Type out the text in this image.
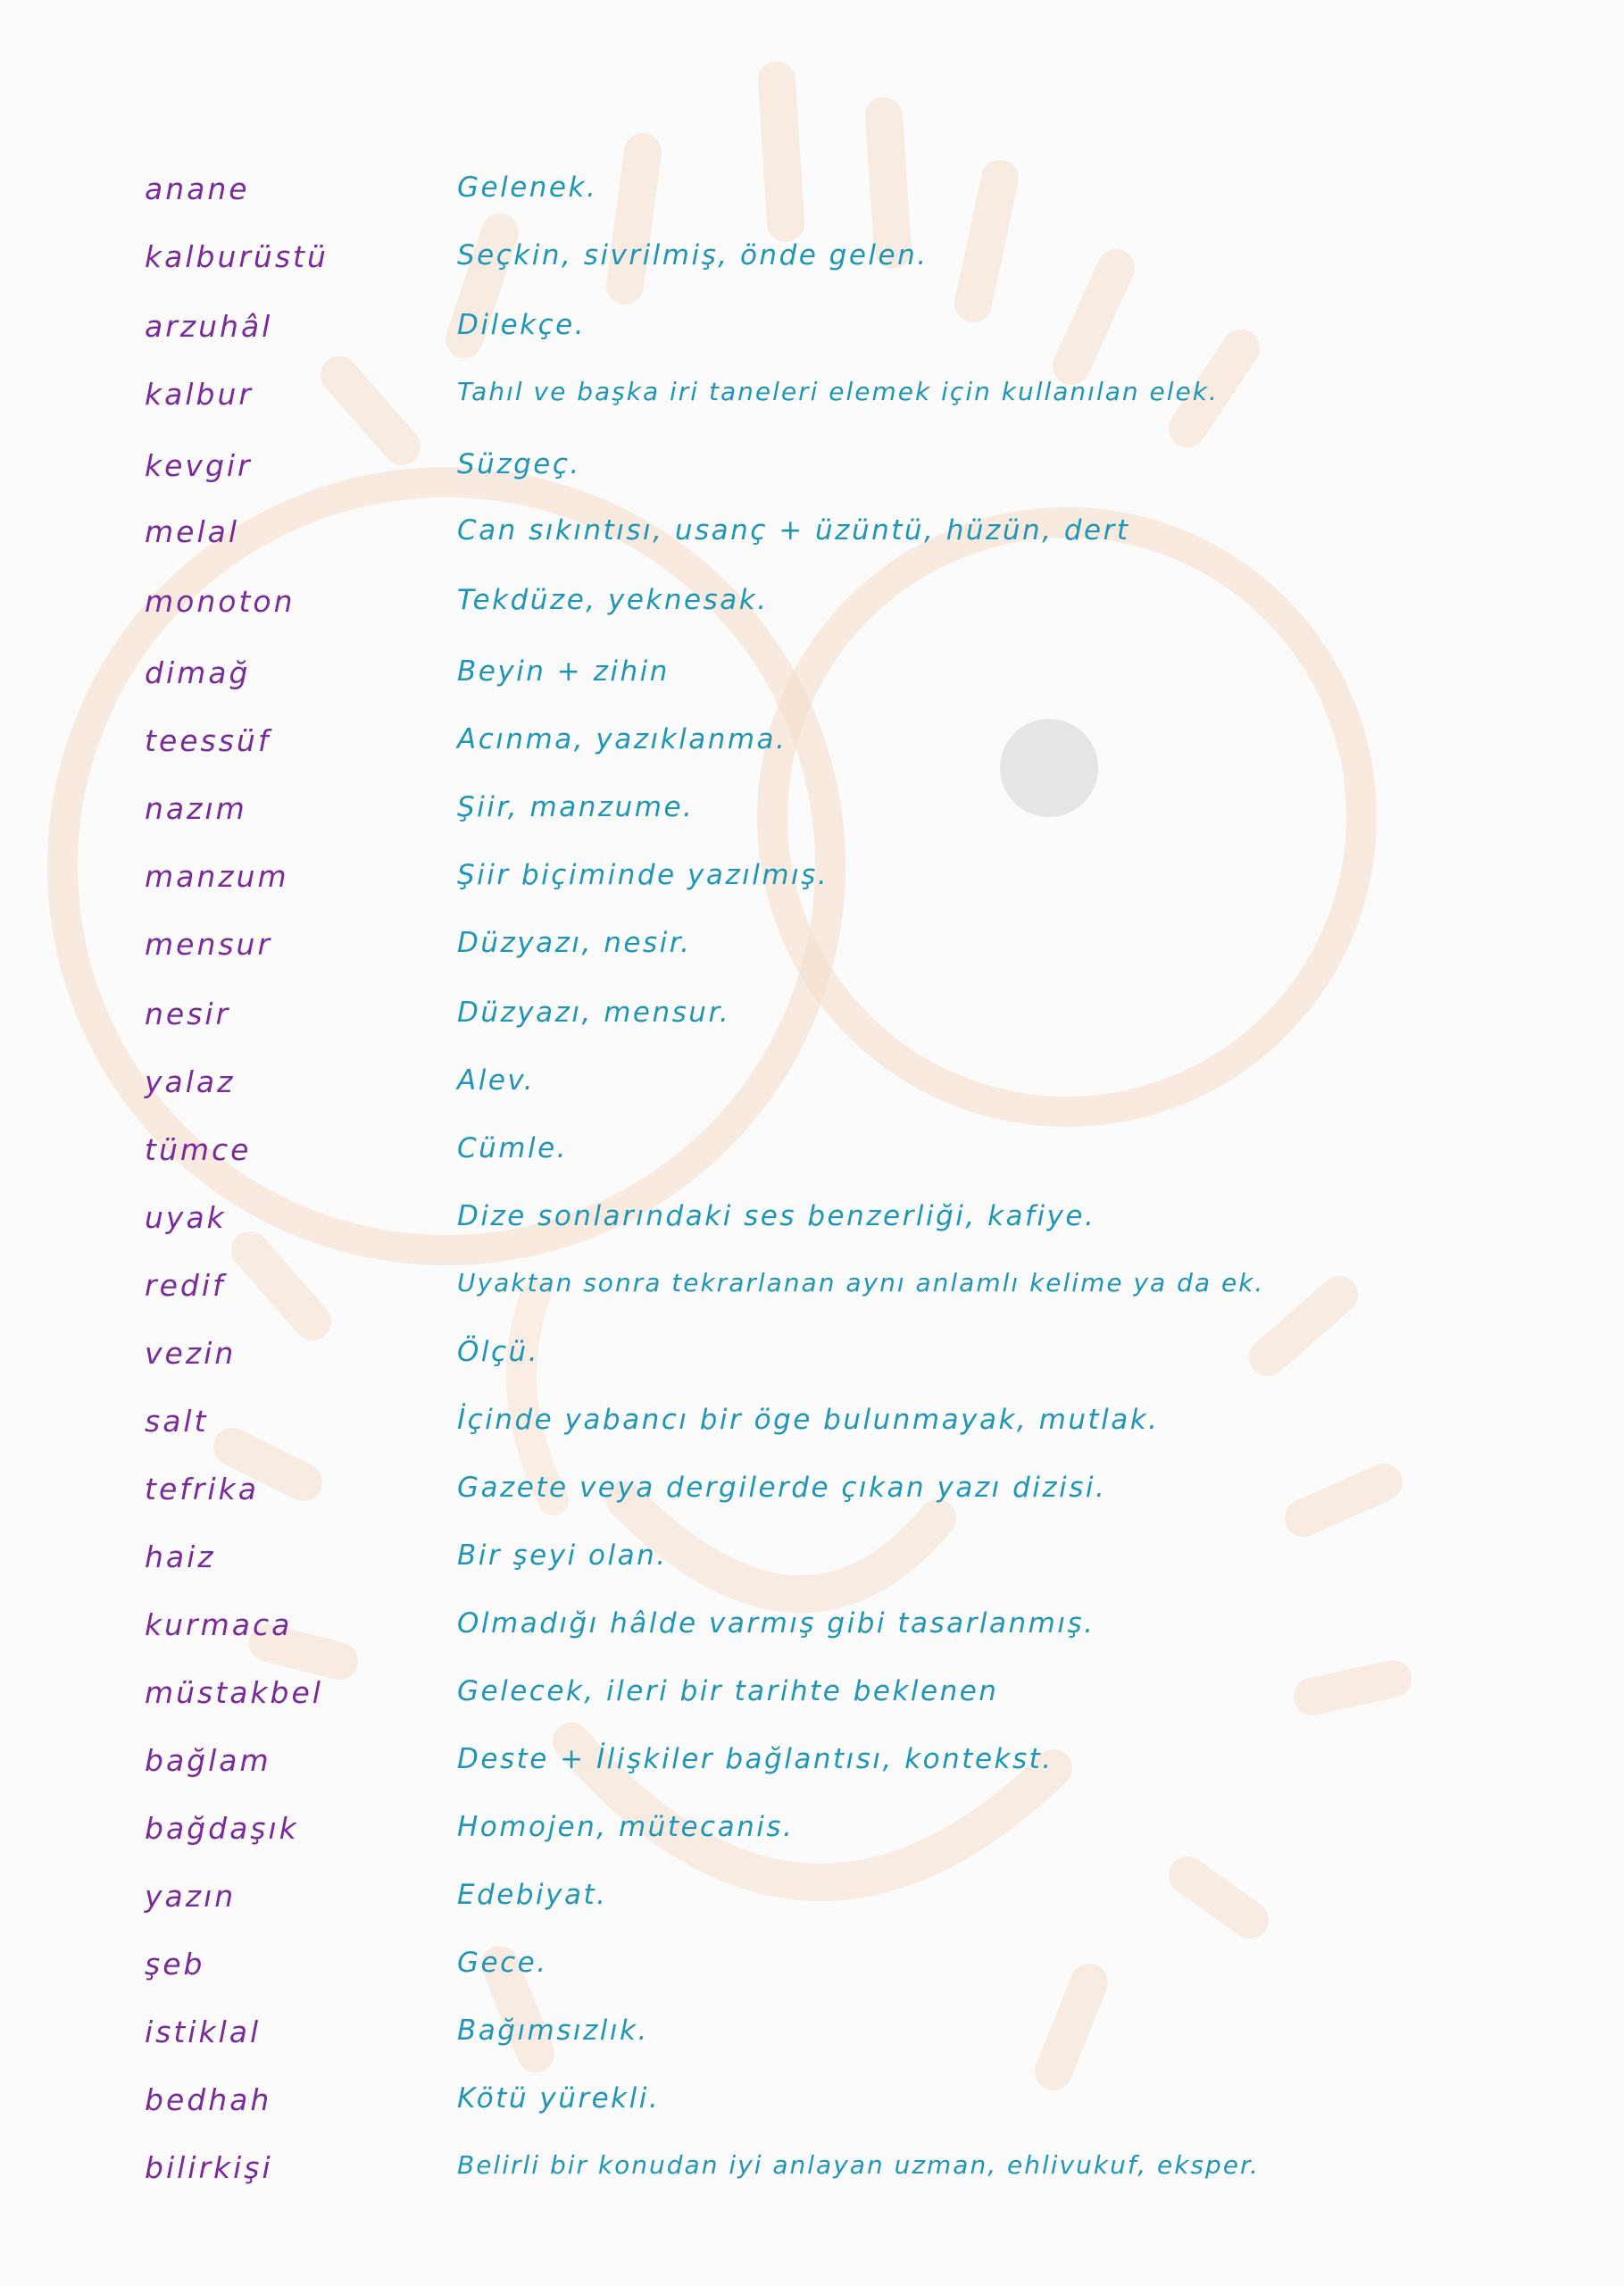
anane	Gelenek.
kalburüstü	Seçkin, sivrilmiş, önde gelen.
arzuhâl	Dilekçe.
kalbur	Tahıl ve başka iri taneleri elemek için kullanılan elek.
kevgir	Süzgeç.
melal	Can sıkıntısı, usanç + üzüntü, hüzün, dert
monoton	Tekdüze, yeknesak.
dimağ	Beyin + zihin
teessüf	Acınma, yazıklanma.
nazım	Şiir, manzume.
manzum	Şiir biçiminde yazılmış.
mensur	Düzyazı, nesir.
nesir	Düzyazı, mensur.
yalaz	Alev.
tümce	Cümle.
uyak	Dize sonlarındaki ses benzerliği, kafiye.
redif	Uyaktan sonra tekrarlanan aynı anlamlı kelime ya da ek.
vezin	Ölçü.
salt	İçinde yabancı bir öge bulunmayak, mutlak.
tefrika	Gazete veya dergilerde çıkan yazı dizisi.
haiz	Bir şeyi olan.
kurmaca	Olmadığı hâlde varmış gibi tasarlanmış.
müstakbel	Gelecek, ileri bir tarihte beklenen
bağlam	Deste + İlişkiler bağlantısı, kontekst.
bağdaşık	Homojen, mütecanis.
yazın	Edebiyat.
şeb	Gece.
istiklal	Bağımsızlık.
bedhah	Kötü yürekli.
bilirkişi	Belirli bir konudan iyi anlayan uzman, ehlivukuf, eksper.
